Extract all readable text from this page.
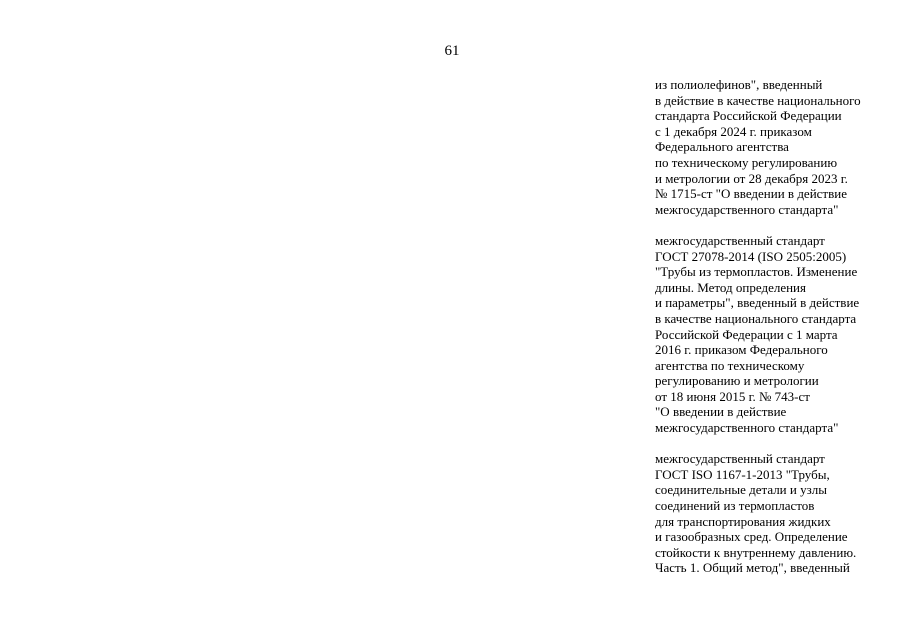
61

из полиолефинов", введенный
в действие в качестве национального
стандарта Российской Федерации
с 1 декабря 2024 г. приказом
Федерального агентства
по техническому регулированию
и метрологии от 28 декабря 2023 г.
№ 1715-ст "О введении в действие
межгосударственного стандарта"

межгосударственный стандарт
ГОСТ 27078-2014 (ISO 2505:2005)
"Трубы из термопластов. Изменение
длины. Метод определения
и параметры", введенный в действие
в качестве национального стандарта
Российской Федерации с 1 марта
2016 г. приказом Федерального
агентства по техническому
регулированию и метрологии
от 18 июня 2015 г. № 743-ст
"О введении в действие
межгосударственного стандарта"

межгосударственный стандарт
ГОСТ ISO 1167-1-2013 "Трубы,
соединительные детали и узлы
соединений из термопластов
для транспортирования жидких
и газообразных сред. Определение
стойкости к внутреннему давлению.
Часть 1. Общий метод", введенный
